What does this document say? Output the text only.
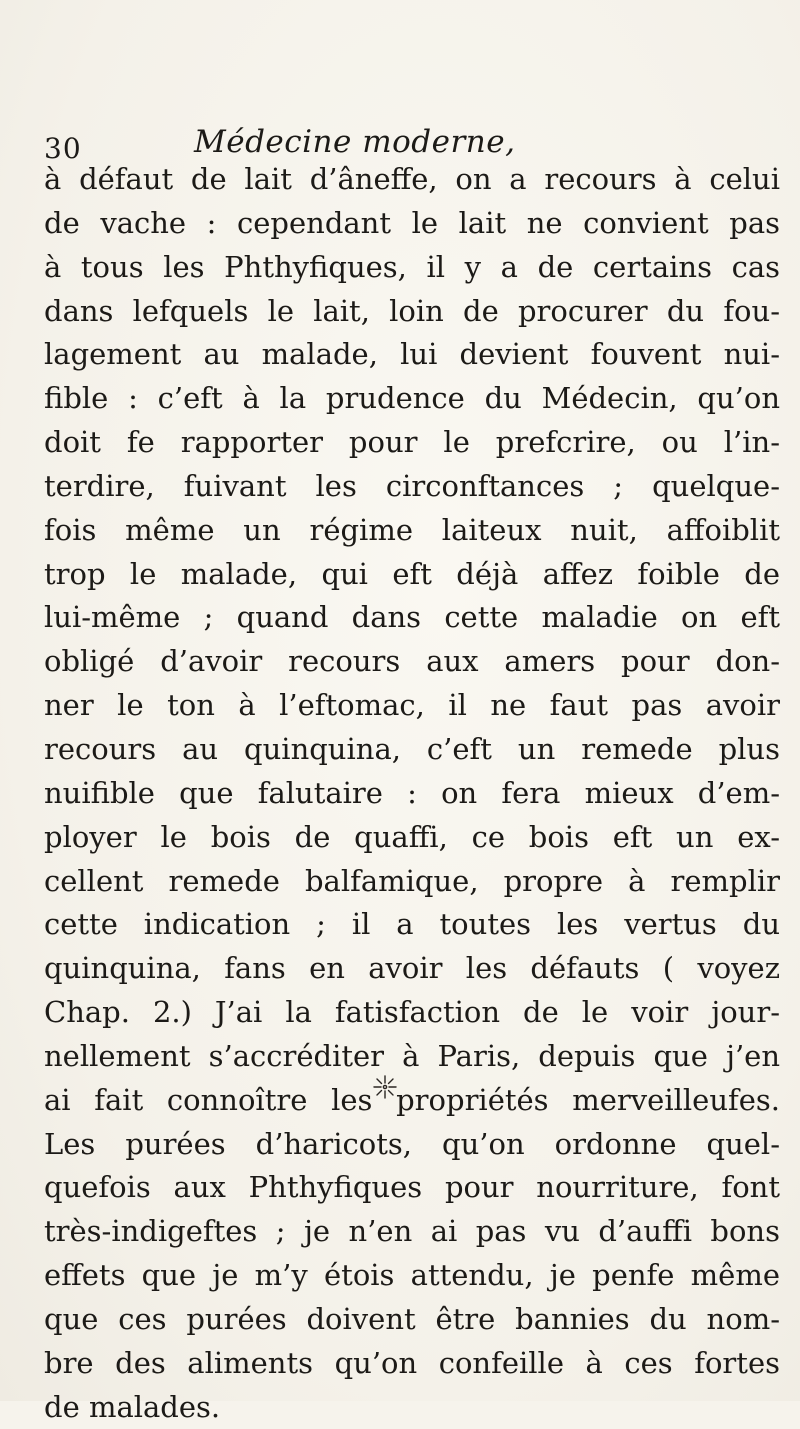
30	Médecine moderne,
à défaut de lait d’âneffe, on a recours à celui
de vache : cependant le lait ne convient pas
à tous les Phthyfiques, il y a de certains cas
dans lefquels le lait, loin de procurer du fou-
lagement au malade, lui devient fouvent nui-
fible : c’eft à la prudence du Médecin, qu’on
doit fe rapporter pour le prefcrire, ou l’in-
terdire, fuivant les circonftances ; quelque-
fois même un régime laiteux nuit, affoiblit
trop le malade, qui eft déjà affez foible de
lui-même ; quand dans cette maladie on eft
obligé d’avoir recours aux amers pour don-
ner le ton à l’eftomac, il ne faut pas avoir
recours au quinquina, c’eft un remede plus
nuifible que falutaire : on fera mieux d’em-
ployer le bois de quaffi, ce bois eft un ex-
cellent remede balfamique, propre à remplir
cette indication ; il a toutes les vertus du
quinquina, fans en avoir les défauts ( voyez
Chap. 2.) J’ai la fatisfaction de le voir jour-
nellement s’accréditer à Paris, depuis que j’en
ai fait connoître les propriétés merveilleufes.
Les purées d’haricots, qu’on ordonne quel-
quefois aux Phthyfiques pour nourriture, font
très-indigeftes ; je n’en ai pas vu d’auffi bons
effets que je m’y étois attendu, je penfe même
que ces purées doivent être bannies du nom-
bre des aliments qu’on confeille à ces fortes
de malades.
